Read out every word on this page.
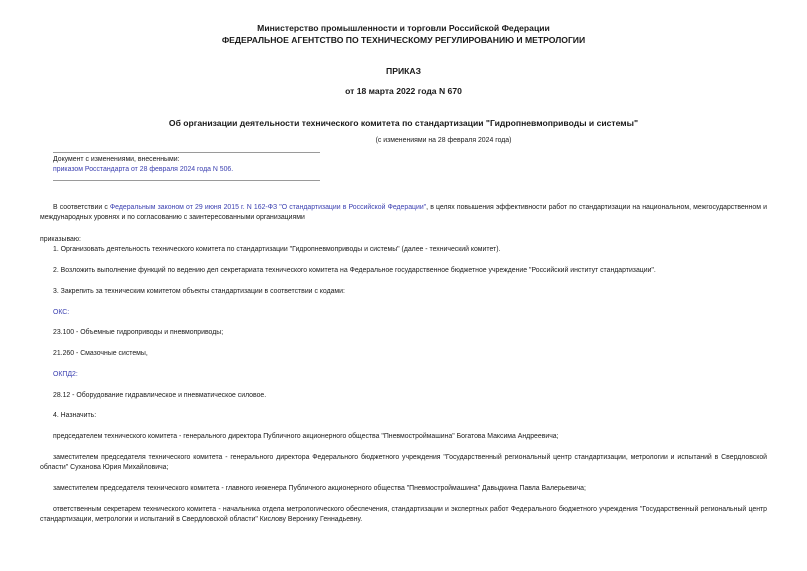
Министерство промышленности и торговли Российской Федерации
ФЕДЕРАЛЬНОЕ АГЕНТСТВО ПО ТЕХНИЧЕСКОМУ РЕГУЛИРОВАНИЮ И МЕТРОЛОГИИ
ПРИКАЗ
от 18 марта 2022 года N 670
Об организации деятельности технического комитета по стандартизации "Гидропневмоприводы и системы"
(с изменениями на 28 февраля 2024 года)
Документ с изменениями, внесенными:
приказом Росстандарта от 28 февраля 2024 года N 506.
В соответствии с Федеральным законом от 29 июня 2015 г. N 162-ФЗ "О стандартизации в Российской Федерации", в целях повышения эффективности работ по стандартизации на национальном, межгосударственном и международных уровнях и по согласованию с заинтересованными организациями
приказываю:
1. Организовать деятельность технического комитета по стандартизации "Гидропневмоприводы и системы" (далее - технический комитет).
2. Возложить выполнение функций по ведению дел секретариата технического комитета на Федеральное государственное бюджетное учреждение "Российский институт стандартизации".
3. Закрепить за техническим комитетом объекты стандартизации в соответствии с кодами:
ОКС:
23.100 - Объемные гидроприводы и пневмоприводы;
21.260 - Смазочные системы,
ОКПД2:
28.12 - Оборудование гидравлическое и пневматическое силовое.
4. Назначить:
председателем технического комитета - генерального директора Публичного акционерного общества "Пневмостроймашина" Богатова Максима Андреевича;
заместителем председателя технического комитета - генерального директора Федерального бюджетного учреждения "Государственный региональный центр стандартизации, метрологии и испытаний в Свердловской области" Суханова Юрия Михайловича;
заместителем председателя технического комитета - главного инженера Публичного акционерного общества "Пневмостроймашина" Давыдкина Павла Валерьевича;
ответственным секретарем технического комитета - начальника отдела метрологического обеспечения, стандартизации и экспертных работ Федерального бюджетного учреждения "Государственный региональный центр стандартизации, метрологии и испытаний в Свердловской области" Кислову Веронику Геннадьевну.
